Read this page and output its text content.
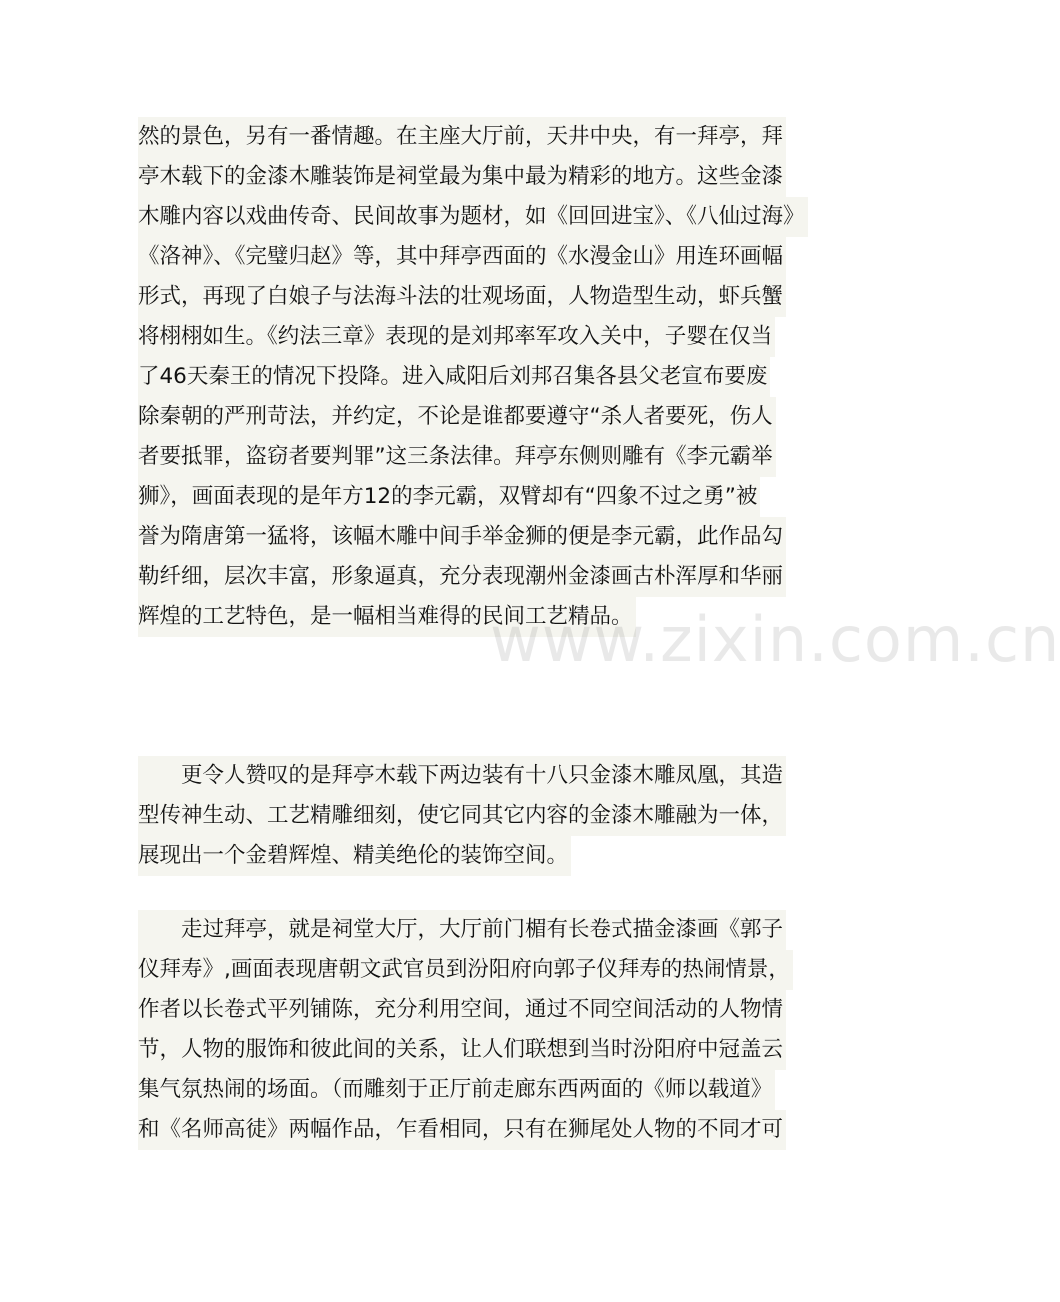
然的景色，另有一番情趣。在主座大厅前，天井中央，有一拜亭，拜
亭木载下的金漆木雕装饰是祠堂最为集中最为精彩的地方。这些金漆
木雕内容以戏曲传奇、民间故事为题材，如《回回进宝》、《八仙过海》
《洛神》、《完璧归赵》等，其中拜亭西面的《水漫金山》用连环画幅
形式，再现了白娘子与法海斗法的壮观场面，人物造型生动，虾兵蟹
将栩栩如生。《约法三章》表现的是刘邦率军攻入关中，子婴在仅当
了46天秦王的情况下投降。进入咸阳后刘邦召集各县父老宣布要废
除秦朝的严刑苛法，并约定，不论是谁都要遵守“杀人者要死，伤人
者要抵罪，盗窃者要判罪”这三条法律。拜亭东侧则雕有《李元霸举
狮》，画面表现的是年方12的李元霸，双臂却有“四象不过之勇”被
誉为隋唐第一猛将，该幅木雕中间手举金狮的便是李元霸，此作品勾
勒纤细，层次丰富，形象逼真，充分表现潮州金漆画古朴浑厚和华丽
辉煌的工艺特色，是一幅相当难得的民间工艺精品。
　　更令人赞叹的是拜亭木载下两边装有十八只金漆木雕凤凰，其造
型传神生动、工艺精雕细刻，使它同其它内容的金漆木雕融为一体，
展现出一个金碧辉煌、精美绝伦的装饰空间。
　　走过拜亭，就是祠堂大厅，大厅前门楣有长卷式描金漆画《郭子
仪拜寿》,画面表现唐朝文武官员到汾阳府向郭子仪拜寿的热闹情景，
作者以长卷式平列铺陈，充分利用空间，通过不同空间活动的人物情
节，人物的服饰和彼此间的关系，让人们联想到当时汾阳府中冠盖云
集气氛热闹的场面。（而雕刻于正厅前走廊东西两面的《师以载道》
和《名师高徒》两幅作品，乍看相同，只有在狮尾处人物的不同才可
www.zixin.com.cn
